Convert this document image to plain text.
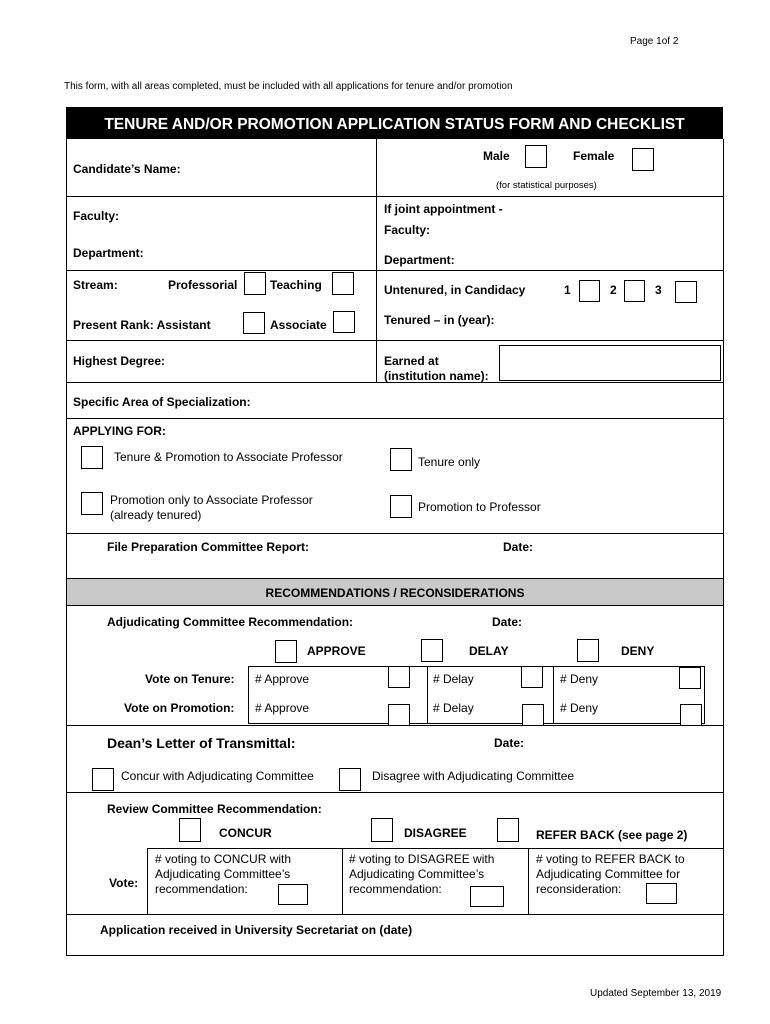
Page 1of 2
This form, with all areas completed, must be included with all applications for tenure and/or promotion
TENURE AND/OR PROMOTION APPLICATION STATUS FORM AND CHECKLIST
Candidate’s Name:
Male	Female
(for statistical purposes)
Faculty:
Department:
If joint appointment -
Faculty:
Department:
Stream:	Professorial	Teaching	Untenured, in Candidacy	1	2	3
Present Rank: Assistant	Associate	Tenured – in (year):
Highest Degree:	Earned at
(institution name):
Specific Area of Specialization:
APPLYING FOR:
Tenure & Promotion to Associate Professor	Tenure only
Promotion only to Associate Professor
(already tenured)
Promotion to Professor
File Preparation Committee Report:	Date:
RECOMMENDATIONS / RECONSIDERATIONS
Adjudicating Committee Recommendation:	Date:
APPROVE	DELAY	DENY
Vote on Tenure: # Approve	# Delay	# Deny
Vote on Promotion: # Approve	# Delay	# Deny
Dean’s Letter of Transmittal:	Date:
Concur with Adjudicating Committee	Disagree with Adjudicating Committee
Review Committee Recommendation:
CONCUR	DISAGREE	REFER BACK (see page 2)
Vote:
# voting to CONCUR with Adjudicating Committee’s recommendation:
# voting to DISAGREE with Adjudicating Committee’s recommendation:
# voting to REFER BACK to Adjudicating Committee for reconsideration:
Application received in University Secretariat on (date)
Updated September 13, 2019
